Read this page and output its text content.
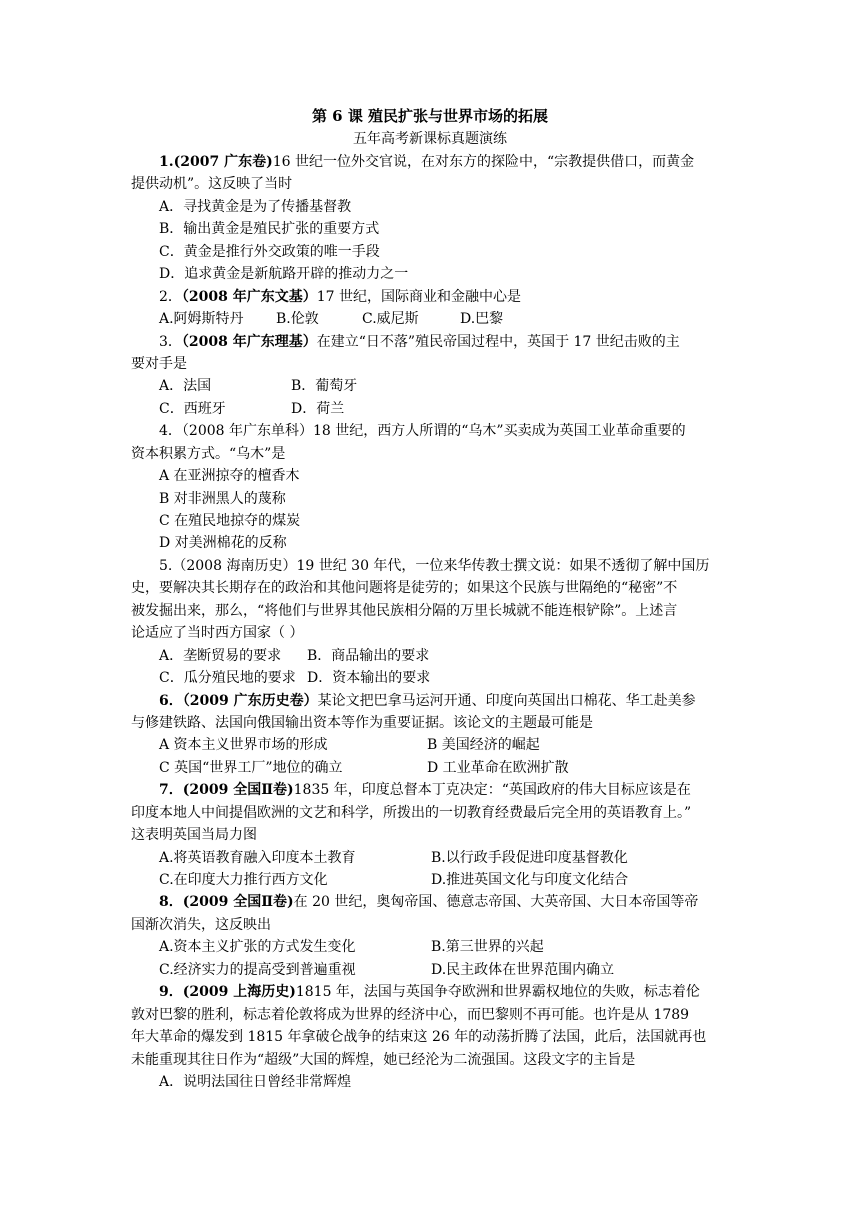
第 6 课 殖民扩张与世界市场的拓展
五年高考新课标真题演练
1.(2007 广东卷)16 世纪一位外交官说，在对东方的探险中，“宗教提供借口，而黄金
提供动机”。这反映了当时
A．寻找黄金是为了传播基督教
B．输出黄金是殖民扩张的重要方式
C．黄金是推行外交政策的唯一手段
D．追求黄金是新航路开辟的推动力之一
2．（2008 年广东文基）17 世纪，国际商业和金融中心是
A.阿姆斯特丹 B.伦敦	C.威尼斯	D.巴黎
3．（2008 年广东理基）在建立“日不落”殖民帝国过程中，英国于 17 世纪击败的主
要对手是
A．法国	B．葡萄牙
C．西班牙	D．荷兰
4．（2008 年广东单科）18 世纪，西方人所谓的“乌木”买卖成为英国工业革命重要的
资本积累方式。“乌木”是
A 在亚洲掠夺的檀香木
B 对非洲黑人的蔑称
C 在殖民地掠夺的煤炭
D 对美洲棉花的反称
5.（2008 海南历史）19 世纪 30 年代，一位来华传教士撰文说：如果不透彻了解中国历
史，要解决其长期存在的政治和其他问题将是徒劳的；如果这个民族与世隔绝的“秘密”不
被发掘出来，那么，“将他们与世界其他民族相分隔的万里长城就不能连根铲除”。上述言
论适应了当时西方国家（ ）
A．垄断贸易的要求 B．商品输出的要求
C．瓜分殖民地的要求 D．资本输出的要求
6．（2009 广东历史卷）某论文把巴拿马运河开通、印度向英国出口棉花、华工赴美参
与修建铁路、法国向俄国输出资本等作为重要证据。该论文的主题最可能是
A 资本主义世界市场的形成	B 美国经济的崛起
C 英国“世界工厂”地位的确立	D 工业革命在欧洲扩散
7．(2009 全国Ⅱ卷)1835 年，印度总督本丁克决定：“英国政府的伟大目标应该是在
印度本地人中间提倡欧洲的文艺和科学，所拨出的一切教育经费最后完全用的英语教育上。”
这表明英国当局力图
A.将英语教育融入印度本土教育	B.以行政手段促进印度基督教化
C.在印度大力推行西方文化	D.推进英国文化与印度文化结合
8．(2009 全国Ⅱ卷)在 20 世纪，奥匈帝国、德意志帝国、大英帝国、大日本帝国等帝
国渐次消失，这反映出
A.资本主义扩张的方式发生变化	B.第三世界的兴起
C.经济实力的提高受到普遍重视	D.民主政体在世界范围内确立
9．(2009 上海历史)1815 年，法国与英国争夺欧洲和世界霸权地位的失败，标志着伦
敦对巴黎的胜利，标志着伦敦将成为世界的经济中心，而巴黎则不再可能。也许是从 1789
年大革命的爆发到 1815 年拿破仑战争的结束这 26 年的动荡折腾了法国，此后，法国就再也
未能重现其往日作为“超级”大国的辉煌，她已经沦为二流强国。这段文字的主旨是
A．说明法国往日曾经非常辉煌
